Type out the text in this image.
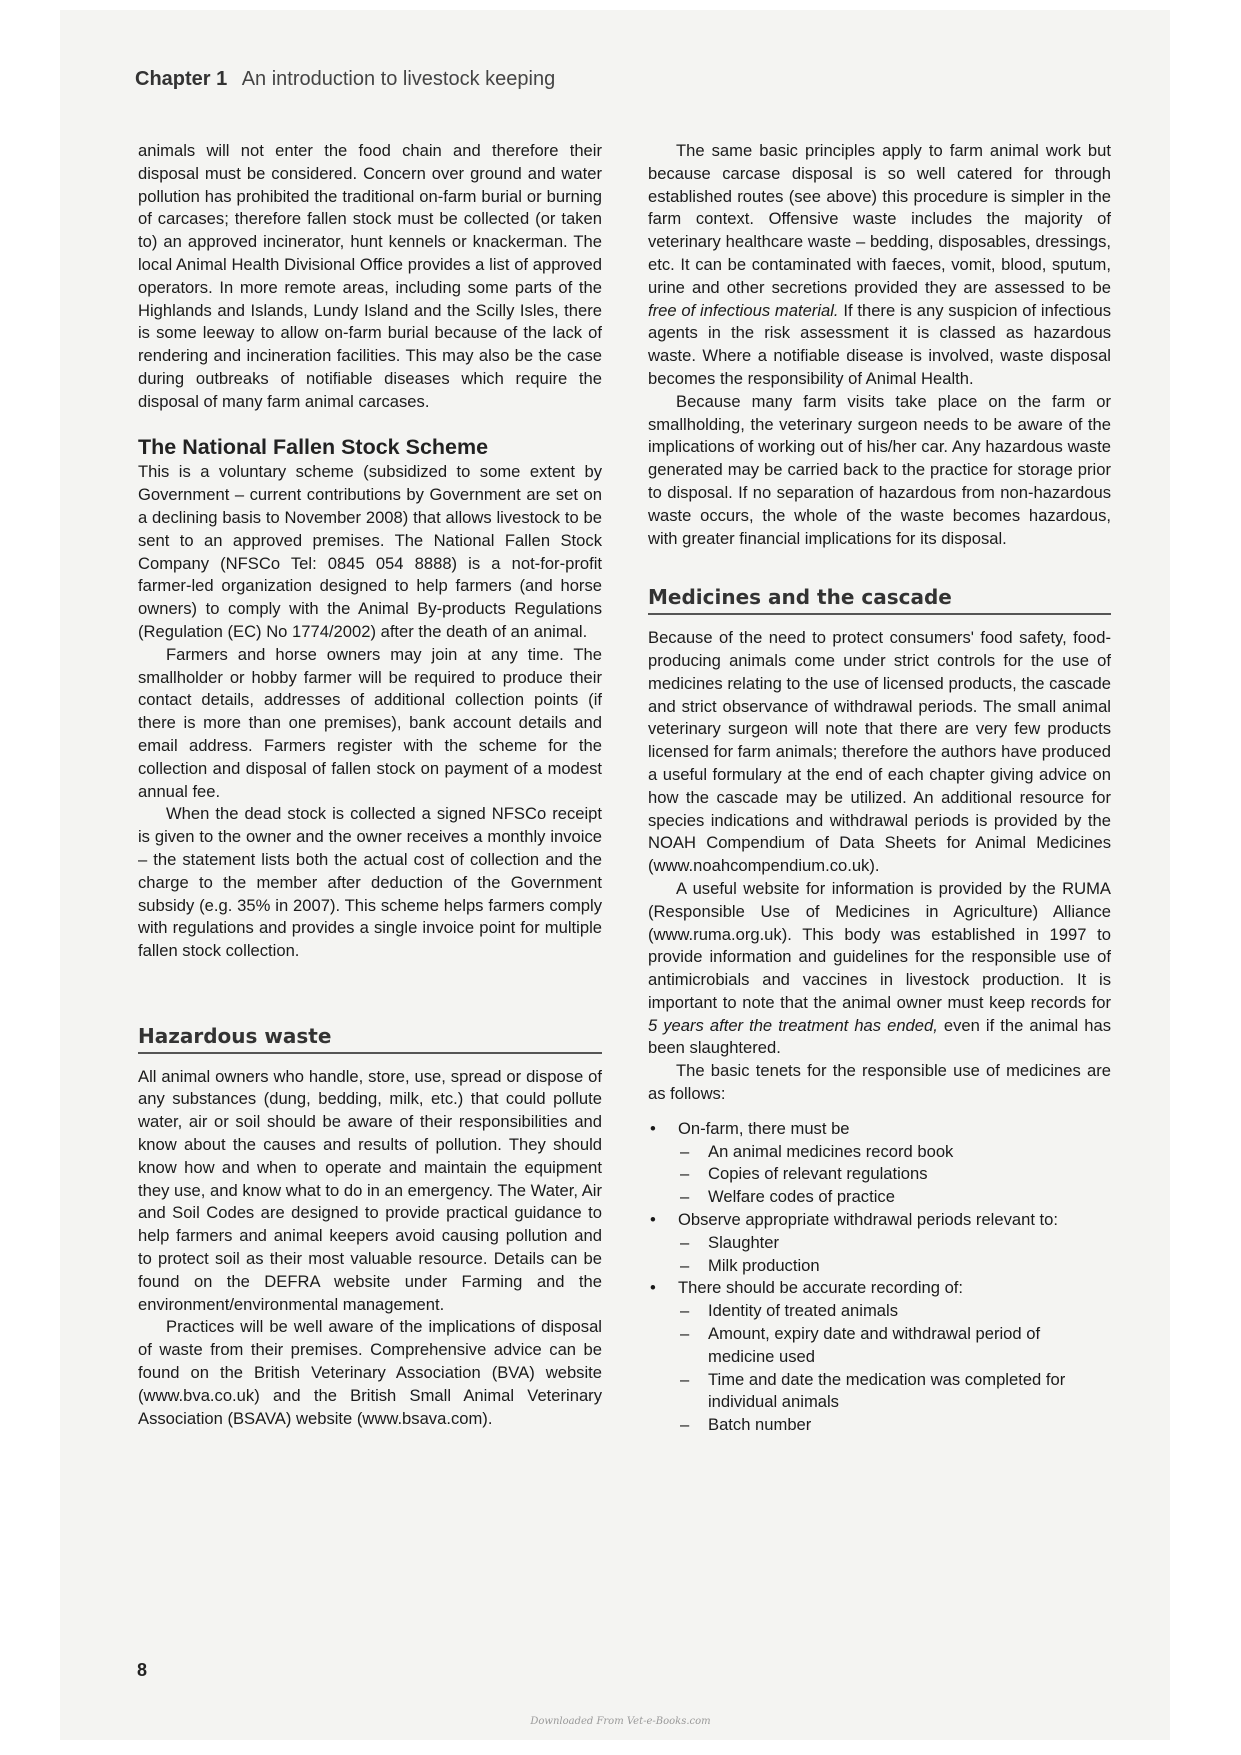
Chapter 1 An introduction to livestock keeping

animals will not enter the food chain and therefore their disposal must be considered. Concern over ground and water pollution has prohibited the traditional on-farm burial or burning of carcases; therefore fallen stock must be collected (or taken to) an approved incinerator, hunt kennels or knackerman. The local Animal Health Divisional Office provides a list of approved operators. In more remote areas, including some parts of the Highlands and Islands, Lundy Island and the Scilly Isles, there is some leeway to allow on-farm burial because of the lack of rendering and incineration facilities. This may also be the case during outbreaks of notifiable diseases which require the disposal of many farm animal carcases.

The National Fallen Stock Scheme

This is a voluntary scheme (subsidized to some extent by Government – current contributions by Government are set on a declining basis to November 2008) that allows livestock to be sent to an approved premises. The National Fallen Stock Company (NFSCo Tel: 0845 054 8888) is a not-for-profit farmer-led organization designed to help farmers (and horse owners) to comply with the Animal By-products Regulations (Regulation (EC) No 1774/2002) after the death of an animal.

Farmers and horse owners may join at any time. The smallholder or hobby farmer will be required to produce their contact details, addresses of additional collection points (if there is more than one premises), bank account details and email address. Farmers register with the scheme for the collection and disposal of fallen stock on payment of a modest annual fee.

When the dead stock is collected a signed NFSCo receipt is given to the owner and the owner receives a monthly invoice – the statement lists both the actual cost of collection and the charge to the member after deduction of the Government subsidy (e.g. 35% in 2007). This scheme helps farmers comply with regulations and provides a single invoice point for multiple fallen stock collection.

Hazardous waste

All animal owners who handle, store, use, spread or dispose of any substances (dung, bedding, milk, etc.) that could pollute water, air or soil should be aware of their responsibilities and know about the causes and results of pollution. They should know how and when to operate and maintain the equipment they use, and know what to do in an emergency. The Water, Air and Soil Codes are designed to provide practical guidance to help farmers and animal keepers avoid causing pollution and to protect soil as their most valuable resource. Details can be found on the DEFRA website under Farming and the environment/environmental management.

Practices will be well aware of the implications of disposal of waste from their premises. Comprehensive advice can be found on the British Veterinary Association (BVA) website (www.bva.co.uk) and the British Small Animal Veterinary Association (BSAVA) website (www.bsava.com).

The same basic principles apply to farm animal work but because carcase disposal is so well catered for through established routes (see above) this procedure is simpler in the farm context. Offensive waste includes the majority of veterinary healthcare waste – bedding, disposables, dressings, etc. It can be contaminated with faeces, vomit, blood, sputum, urine and other secretions provided they are assessed to be free of infectious material. If there is any suspicion of infectious agents in the risk assessment it is classed as hazardous waste. Where a notifiable disease is involved, waste disposal becomes the responsibility of Animal Health.

Because many farm visits take place on the farm or smallholding, the veterinary surgeon needs to be aware of the implications of working out of his/her car. Any hazardous waste generated may be carried back to the practice for storage prior to disposal. If no separation of hazardous from non-hazardous waste occurs, the whole of the waste becomes hazardous, with greater financial implications for its disposal.

Medicines and the cascade

Because of the need to protect consumers' food safety, food-producing animals come under strict controls for the use of medicines relating to the use of licensed products, the cascade and strict observance of withdrawal periods. The small animal veterinary surgeon will note that there are very few products licensed for farm animals; therefore the authors have produced a useful formulary at the end of each chapter giving advice on how the cascade may be utilized. An additional resource for species indications and withdrawal periods is provided by the NOAH Compendium of Data Sheets for Animal Medicines (www.noahcompendium.co.uk).

A useful website for information is provided by the RUMA (Responsible Use of Medicines in Agriculture) Alliance (www.ruma.org.uk). This body was established in 1997 to provide information and guidelines for the responsible use of antimicrobials and vaccines in livestock production. It is important to note that the animal owner must keep records for 5 years after the treatment has ended, even if the animal has been slaughtered.

The basic tenets for the responsible use of medicines are as follows:

• On-farm, there must be
– An animal medicines record book
– Copies of relevant regulations
– Welfare codes of practice
• Observe appropriate withdrawal periods relevant to:
– Slaughter
– Milk production
• There should be accurate recording of:
– Identity of treated animals
– Amount, expiry date and withdrawal period of medicine used
– Time and date the medication was completed for individual animals
– Batch number
8
Downloaded From Vet-e-Books.com
